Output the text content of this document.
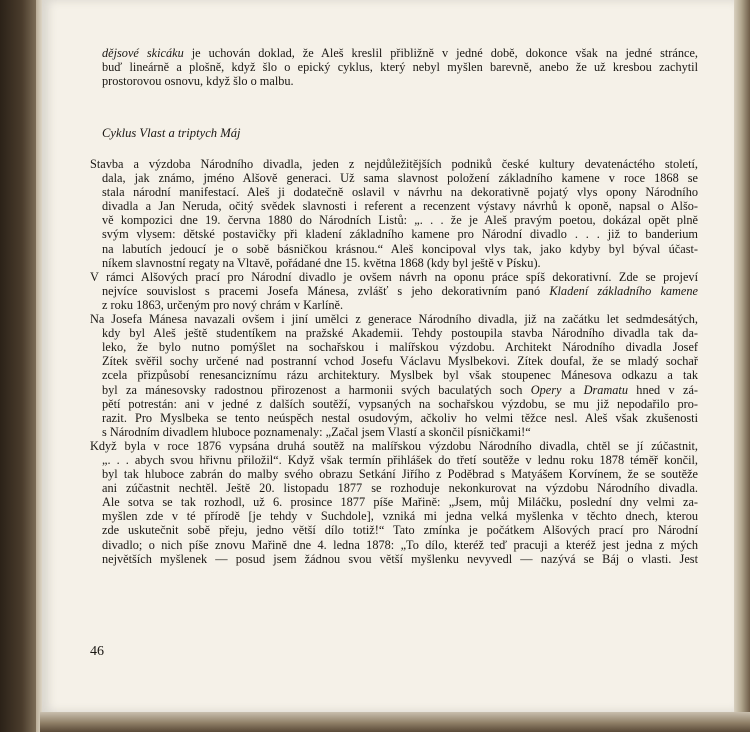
dějsové skicáku je uchován doklad, že Aleš kreslil přibližně v jedné době, dokonce však na jedné stránce,
buď lineárně a plošně, když šlo o epický cyklus, který nebyl myšlen barevně, anebo že už kresbou zachytil
prostorovou osnovu, když šlo o malbu.
Cyklus Vlast a triptych Máj
Stavba a výzdoba Národního divadla, jeden z nejdůležitějších podniků české kultury devatenáctého století,
dala, jak známo, jméno Alšově generaci. Už sama slavnost položení základního kamene v roce 1868 se
stala národní manifestací. Aleš ji dodatečně oslavil v návrhu na dekorativně pojatý vlys opony Národního
divadla a Jan Neruda, očitý svědek slavnosti i referent a recenzent výstavy návrhů k oponě, napsal o Alšo-
vě kompozici dne 19. června 1880 do Národních Listů: „. . . že je Aleš pravým poetou, dokázal opět plně
svým vlysem: dětské postavičky při kladení základního kamene pro Národní divadlo . . . již to banderium
na labutích jedoucí je o sobě básničkou krásnou.“ Aleš koncipoval vlys tak, jako kdyby byl býval účast-
níkem slavnostní regaty na Vltavě, pořádané dne 15. května 1868 (kdy byl ještě v Písku).
V rámci Alšových prací pro Národní divadlo je ovšem návrh na oponu práce spíš dekorativní. Zde se projeví
nejvíce souvislost s pracemi Josefa Mánesa, zvlášť s jeho dekorativním panó Kladení základního kamene
z roku 1863, určeným pro nový chrám v Karlíně.
Na Josefa Mánesa navazali ovšem i jiní umělci z generace Národního divadla, již na začátku let sedmdesátých,
kdy byl Aleš ještě studentíkem na pražské Akademii. Tehdy postoupila stavba Národního divadla tak da-
leko, že bylo nutno pomýšlet na sochařskou i malířskou výzdobu. Architekt Národního divadla Josef
Zítek svěřil sochy určené nad postranní vchod Josefu Václavu Myslbekovi. Zítek doufal, že se mladý sochař
zcela přizpůsobí renesanciznímu rázu architektury. Myslbek byl však stoupenec Mánesova odkazu a tak
byl za mánesovsky radostnou přirozenost a harmonii svých baculatých soch Opery a Dramatu hned v zá-
pětí potrestán: ani v jedné z dalších soutěží, vypsaných na sochařskou výzdobu, se mu již nepodařilo pro-
razit. Pro Myslbeka se tento neúspěch nestal osudovým, ačkoliv ho velmi těžce nesl. Aleš však zkušenosti
s Národním divadlem hluboce poznamenaly: „Začal jsem Vlastí a skončil písničkami!“
Když byla v roce 1876 vypsána druhá soutěž na malířskou výzdobu Národního divadla, chtěl se jí zúčastnit,
„. . . abych svou hřivnu přiložil“. Když však termín přihlášek do třetí soutěže v lednu roku 1878 téměř končil,
byl tak hluboce zabrán do malby svého obrazu Setkání Jiřího z Poděbrad s Matyášem Korvínem, že se soutěže
ani zúčastnit nechtěl. Ještě 20. listopadu 1877 se rozhoduje nekonkurovat na výzdobu Národního divadla.
Ale sotva se tak rozhodl, už 6. prosince 1877 píše Mařině: „Jsem, můj Miláčku, poslední dny velmi za-
myšlen zde v té přírodě [je tehdy v Suchdole], vzniká mi jedna velká myšlenka v těchto dnech, kterou
zde uskutečnit sobě přeju, jedno větší dílo totiž!“ Tato zmínka je počátkem Alšových prací pro Národní
divadlo; o nich píše znovu Mařině dne 4. ledna 1878: „To dílo, kteréž teď pracuji a kteréž jest jedna z mých
největších myšlenek — posud jsem žádnou svou větší myšlenku nevyvedl — nazývá se Báj o vlasti. Jest
46
